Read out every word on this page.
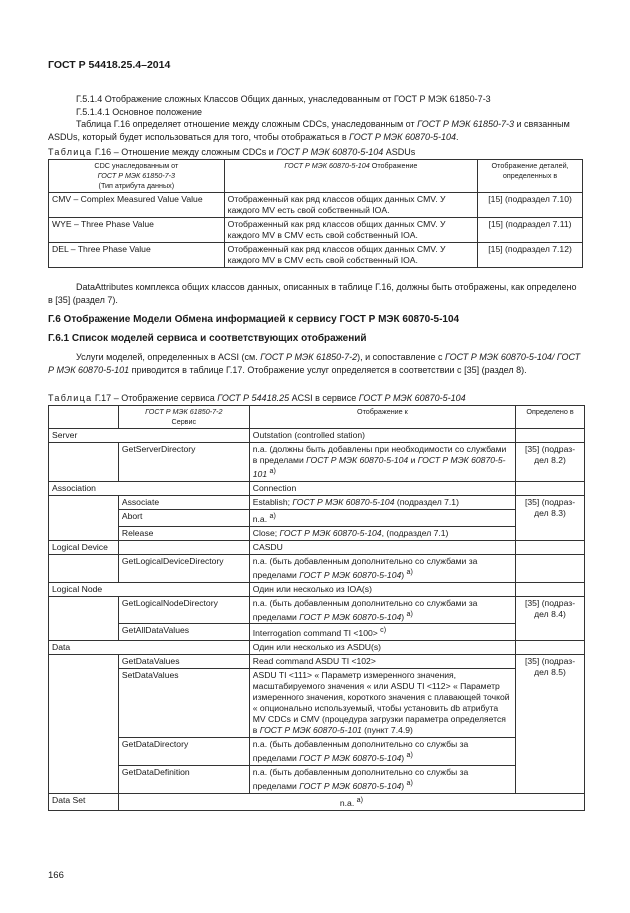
ГОСТ Р 54418.25.4–2014
Г.5.1.4 Отображение сложных Классов Общих данных, унаследованным от ГОСТ Р МЭК 61850-7-3
Г.5.1.4.1 Основное положение
Таблица Г.16 определяет отношение между сложным CDCs, унаследованным от ГОСТ Р МЭК 61850-7-3 и связанным ASDUs, который будет использоваться для того, чтобы отображаться в ГОСТ Р МЭК 60870-5-104.
Таблица Г.16 – Отношение между сложным CDCs и ГОСТ Р МЭК 60870-5-104 ASDUs
CDC унаследованным от
ГОСТ Р МЭК 61850-7-3
(Тип атрибута данных)	ГОСТ Р МЭК 60870-5-104 Отображение	Отображение деталей, определенных в
CMV – Complex Measured Value Value	Отображенный как ряд классов общих данных CMV. У каждого MV есть свой собственный IOA.	[15] (подраздел 7.10)
WYE – Three Phase Value	Отображенный как ряд классов общих данных CMV. У каждого MV в CMV есть свой собственный IOA.	[15] (подраздел 7.11)
DEL – Three Phase Value	Отображенный как ряд классов общих данных CMV. У каждого MV в CMV есть свой собственный IOA.	[15] (подраздел 7.12)
DataAttributes комплекса общих классов данных, описанных в таблице Г.16, должны быть отображены, как определено в [35] (раздел 7).
Г.6 Отображение Модели Обмена информацией к сервису ГОСТ Р МЭК 60870-5-104
Г.6.1 Список моделей сервиса и соответствующих отображений
Услуги моделей, определенных в ACSI (см. ГОСТ Р МЭК 61850-7-2), и сопоставление с ГОСТ Р МЭК 60870-5-104/ ГОСТ Р МЭК 60870-5-101 приводится в таблице Г.17. Отображение услуг определяется в соответствии с [35] (раздел 8).
Таблица Г.17 – Отображение сервиса ГОСТ Р 54418.25 ACSI в сервисе ГОСТ Р МЭК 60870-5-104
	ГОСТ Р МЭК 61850-7-2
Сервис	Отображение к	Определено в
Server		Outstation (controlled station)	
	GetServerDirectory	n.a. (должны быть добавлены при необходимости со службами в пределами ГОСТ Р МЭК 60870-5-104 и ГОСТ Р МЭК 60870-5-101 $^{а)}$	[35] (подраз-дел 8.2)
Association		Connection	
	Associate	Establish; ГОСТ Р МЭК 60870-5-104 (подраздел 7.1)	[35] (подраз-дел 8.3)
	Abort	n.a. $^{а)}$
	Release	Close; ГОСТ Р МЭК 60870-5-104, (подраздел 7.1)	
Logical Device		CASDU	
	GetLogicalDeviceDirectory	n.a. (быть добавленным дополнительно со службами за пределами ГОСТ Р МЭК 60870-5-104) $^{а)}$	
Logical Node		Один или несколько из IOA(s)	
	GetLogicalNodeDirectory	n.a. (быть добавленным дополнительно со службами за пределами ГОСТ Р МЭК 60870-5-104) $^{а)}$	[35] (подраз-дел 8.4)
	GetAllDataValues	Interrogation command TI <100> $^{с)}$
Data		Один или несколько из ASDU(s)	
	GetDataValues	Read command ASDU TI <102>	[35] (подраз-дел 8.5)
	SetDataValues	ASDU TI <111> « Параметр измеренного значения, масштабируемого значения « или ASDU TI <112> « Параметр измеренного значения, короткого значения с плавающей точкой « опционально используемый, чтобы установить db атрибута MV CDCs и CMV (процедура загрузки параметра определяется в ГОСТ Р МЭК 60870-5-101 (пункт 7.4.9)	
	GetDataDirectory	n.a. (быть добавленным дополнительно со службы за пределами ГОСТ Р МЭК 60870-5-104) $^{а)}$
	GetDataDefinition	n.a. (быть добавленным дополнительно со службы за пределами ГОСТ Р МЭК 60870-5-104) $^{а)}$
Data Set	n.a. $^{а)}$
166
